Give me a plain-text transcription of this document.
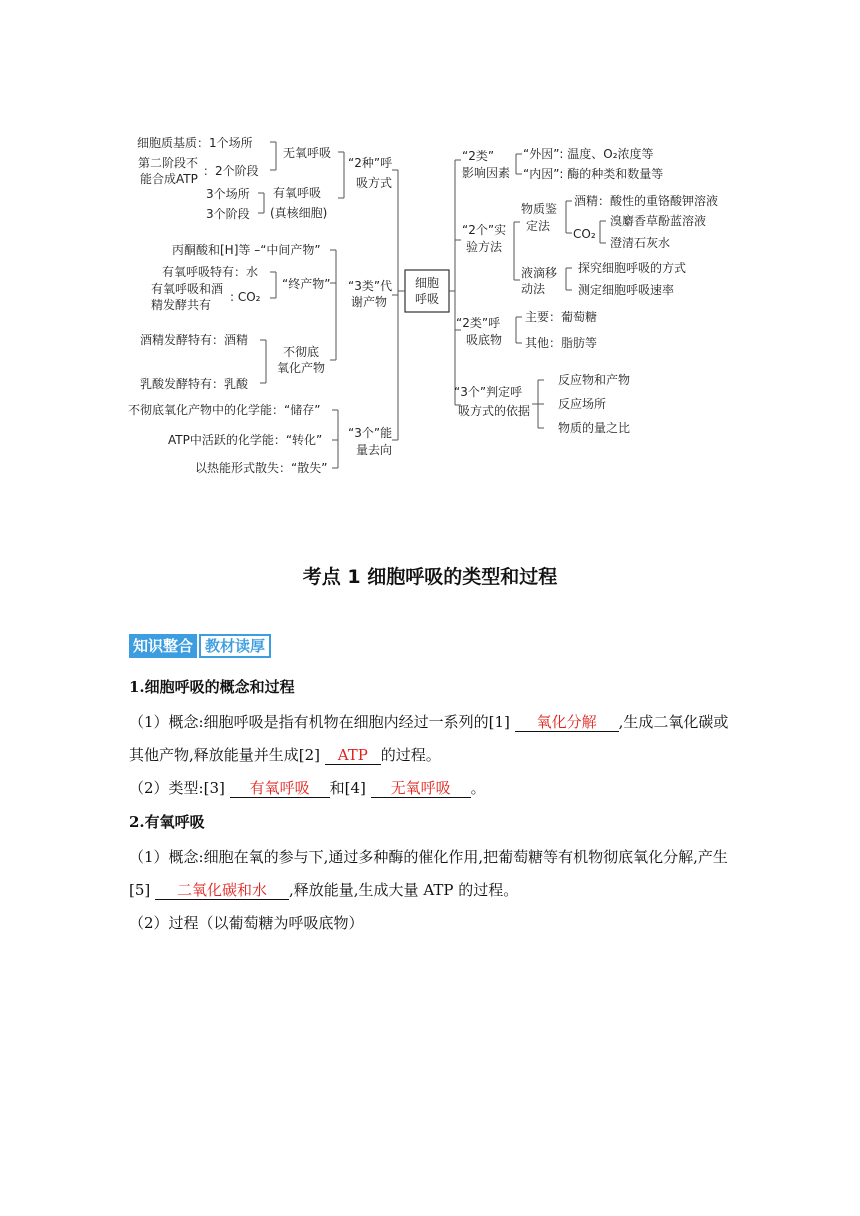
细胞
呼吸
“2种”呼
吸方式
无氧呼吸
有氧呼吸
(真核细胞)
细胞质基质：1个场所
第二阶段不
能合成ATP
：2个阶段
3个场所
3个阶段
“3类”代
谢产物
丙酮酸和[H]等 –“中间产物”
“终产物”
有氧呼吸特有：水
有氧呼吸和酒
精发酵共有
: CO₂
不彻底
氧化产物
酒精发酵特有：酒精
乳酸发酵特有：乳酸
“3个”能
量去向
不彻底氧化产物中的化学能：“储存”
ATP中活跃的化学能：“转化”
以热能形式散失：“散失”
“2类”
影响因素
“外因”: 温度、O₂浓度等
“内因”: 酶的种类和数量等
“2个”实
验方法
物质鉴
定法
酒精：酸性的重铬酸钾溶液
CO₂
溴麝香草酚蓝溶液
澄清石灰水
液滴移
动法
探究细胞呼吸的方式
测定细胞呼吸速率
“2类”呼
吸底物
主要：葡萄糖
其他：脂肪等
“3个”判定呼
吸方式的依据
反应物和产物
反应场所
物质的量之比
考点 1 细胞呼吸的类型和过程
知识整合 教材读厚
1.细胞呼吸的概念和过程
（1）概念:细胞呼吸是指有机物在细胞内经过一系列的[1] 氧化分解 ,生成二氧化碳或其他产物,释放能量并生成[2] ATP 的过程。
（2）类型:[3] 有氧呼吸 和[4] 无氧呼吸 。
2.有氧呼吸
（1）概念:细胞在氧的参与下,通过多种酶的催化作用,把葡萄糖等有机物彻底氧化分解,产生[5] 二氧化碳和水 ,释放能量,生成大量 ATP 的过程。
（2）过程（以葡萄糖为呼吸底物）
